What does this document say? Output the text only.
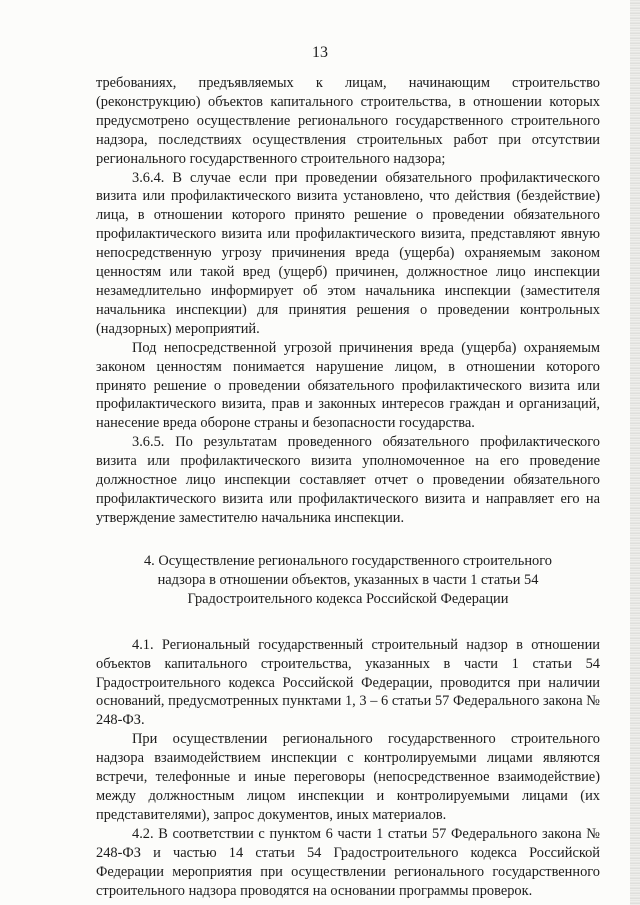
13

требованиях, предъявляемых к лицам, начинающим строительство (реконструкцию) объектов капитального строительства, в отношении которых предусмотрено осуществление регионального государственного строительного надзора, последствиях осуществления строительных работ при отсутствии регионального государственного строительного надзора;

3.6.4. В случае если при проведении обязательного профилактического визита или профилактического визита установлено, что действия (бездействие) лица, в отношении которого принято решение о проведении обязательного профилактического визита или профилактического визита, представляют явную непосредственную угрозу причинения вреда (ущерба) охраняемым законом ценностям или такой вред (ущерб) причинен, должностное лицо инспекции незамедлительно информирует об этом начальника инспекции (заместителя начальника инспекции) для принятия решения о проведении контрольных (надзорных) мероприятий.

Под непосредственной угрозой причинения вреда (ущерба) охраняемым законом ценностям понимается нарушение лицом, в отношении которого принято решение о проведении обязательного профилактического визита или профилактического визита, прав и законных интересов граждан и организаций, нанесение вреда обороне страны и безопасности государства.

3.6.5. По результатам проведенного обязательного профилактического визита или профилактического визита уполномоченное на его проведение должностное лицо инспекции составляет отчет о проведении обязательного профилактического визита или профилактического визита и направляет его на утверждение заместителю начальника инспекции.

4. Осуществление регионального государственного строительного
надзора в отношении объектов, указанных в части 1 статьи 54
Градостроительного кодекса Российской Федерации

4.1. Региональный государственный строительный надзор в отношении объектов капитального строительства, указанных в части 1 статьи 54 Градостроительного кодекса Российской Федерации, проводится при наличии оснований, предусмотренных пунктами 1, 3 – 6 статьи 57 Федерального закона № 248-ФЗ.

При осуществлении регионального государственного строительного надзора взаимодействием инспекции с контролируемыми лицами являются встречи, телефонные и иные переговоры (непосредственное взаимодействие) между должностным лицом инспекции и контролируемыми лицами (их представителями), запрос документов, иных материалов.

4.2. В соответствии с пунктом 6 части 1 статьи 57 Федерального закона № 248-ФЗ и частью 14 статьи 54 Градостроительного кодекса Российской Федерации мероприятия при осуществлении регионального государственного строительного надзора проводятся на основании программы проверок.
